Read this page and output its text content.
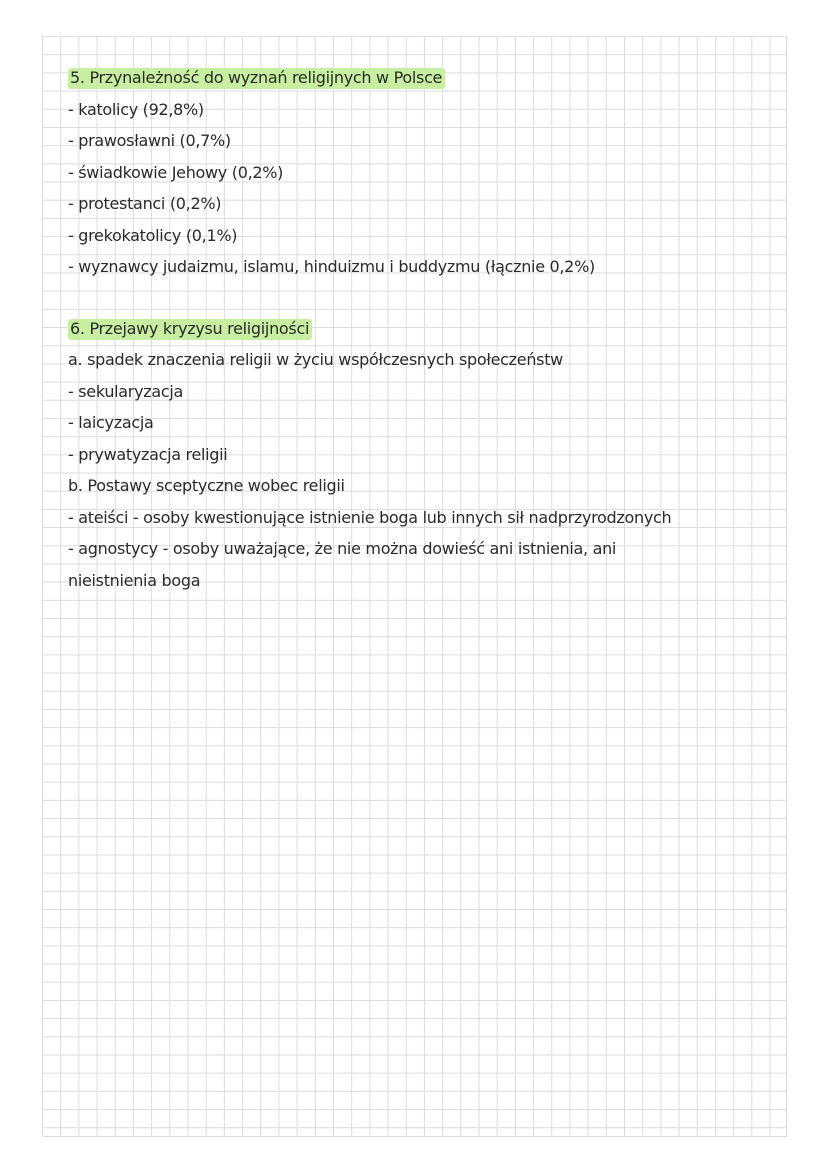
5. Przynależność do wyznań religijnych w Polsce
- katolicy (92,8%)
- prawosławni (0,7%)
- świadkowie Jehowy (0,2%)
- protestanci (0,2%)
- grekokatolicy (0,1%)
- wyznawcy judaizmu, islamu, hinduizmu i buddyzmu (łącznie 0,2%)
6. Przejawy kryzysu religijności
a. spadek znaczenia religii w życiu współczesnych społeczeństw
- sekularyzacja
- laicyzacja
- prywatyzacja religii
b. Postawy sceptyczne wobec religii
- ateiści - osoby kwestionujące istnienie boga lub innych sił nadprzyrodzonych
- agnostycy - osoby uważające, że nie można dowieść ani istnienia, ani
nieistnienia boga
